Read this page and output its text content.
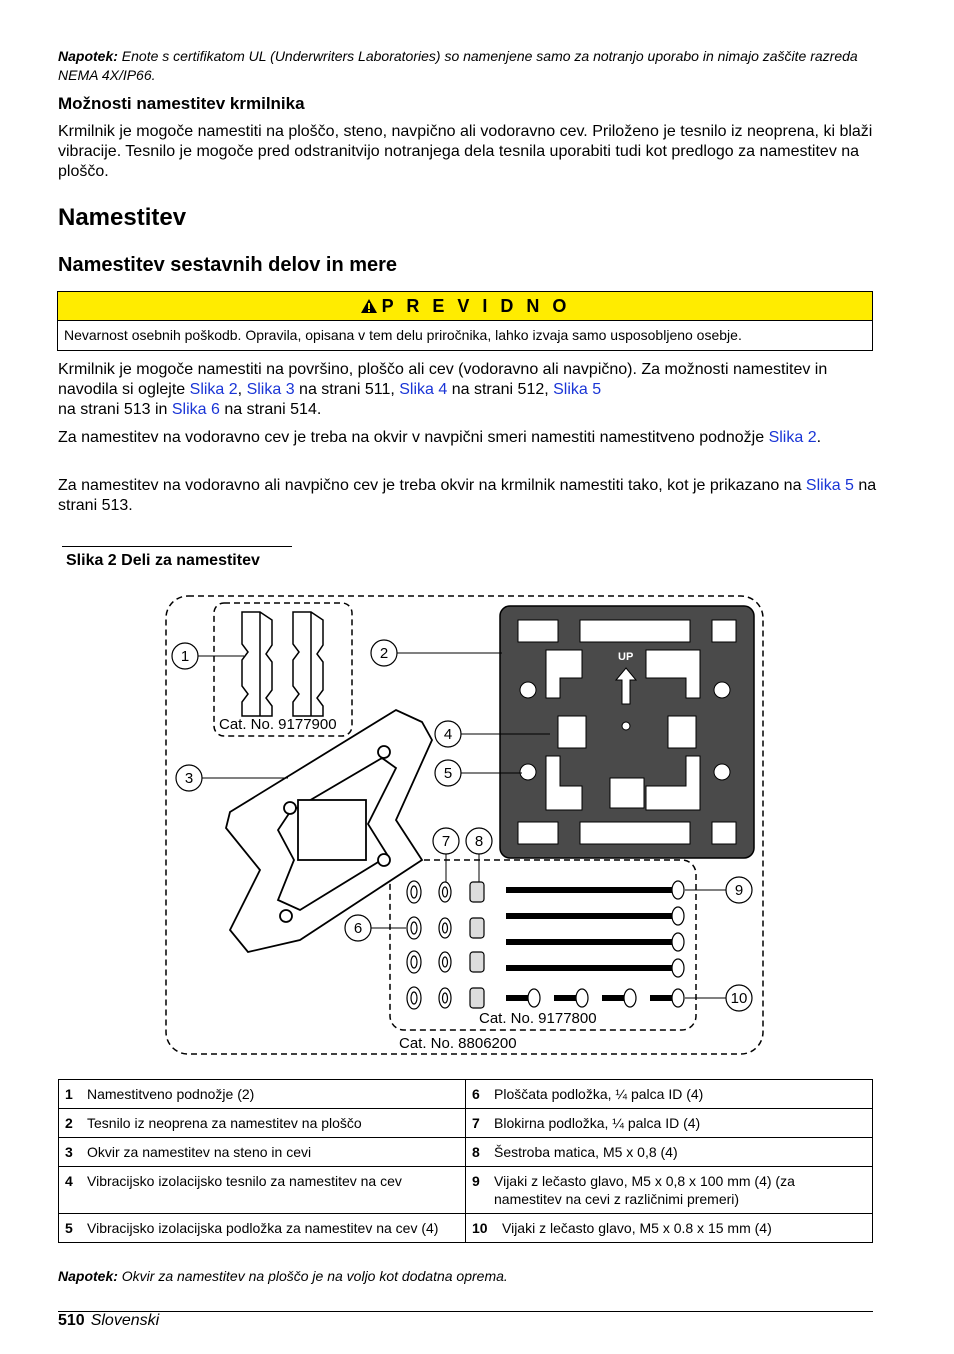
Napotek: Enote s certifikatom UL (Underwriters Laboratories) so namenjene samo za notranjo uporabo in nimajo zaščite razreda NEMA 4X/IP66.
Možnosti namestitev krmilnika
Krmilnik je mogoče namestiti na ploščo, steno, navpično ali vodoravno cev. Priloženo je tesnilo iz neoprena, ki blaži vibracije. Tesnilo je mogoče pred odstranitvijo notranjega dela tesnila uporabiti tudi kot predlogo za namestitev na ploščo.
Namestitev
Namestitev sestavnih delov in mere
P R E V I D N O
Nevarnost osebnih poškodb. Opravila, opisana v tem delu priročnika, lahko izvaja samo usposobljeno osebje.
Krmilnik je mogoče namestiti na površino, ploščo ali cev (vodoravno ali navpično). Za možnosti namestitev in navodila si oglejte Slika 2, Slika 3 na strani 511, Slika 4 na strani 512, Slika 5
na strani 513 in Slika 6 na strani 514.
Za namestitev na vodoravno cev je treba na okvir v navpični smeri namestiti namestitveno podnožje Slika 2.
Za namestitev na vodoravno ali navpično cev je treba okvir na krmilnik namestiti tako, kot je prikazano na Slika 5 na strani 513.
Slika 2 Deli za namestitev
Cat. No. 9177900
UP
Cat. No. 9177800
Cat. No. 8806200
1	2
3
4
5
6
7 8
9
10
1 Namestitveno podnožje (2)	6 Ploščata podložka, ¼ palca ID (4)

2 Tesnilo iz neoprena za namestitev na ploščo	7 Blokirna podložka, ¼ palca ID (4)

3 Okvir za namestitev na steno in cevi	8 Šestroba matica, M5 x 0,8 (4)

4 Vibracijsko izolacijsko tesnilo za namestitev na cev	9 Vijaki z lečasto glavo, M5 x 0,8 x 100 mm (4) (za namestitev na cevi z različnimi premeri)

5 Vibracijsko izolacijska podložka za namestitev na cev (4)	10 Vijaki z lečasto glavo, M5 x 0.8 x 15 mm (4)
Napotek: Okvir za namestitev na ploščo je na voljo kot dodatna oprema.
510 Slovenski
